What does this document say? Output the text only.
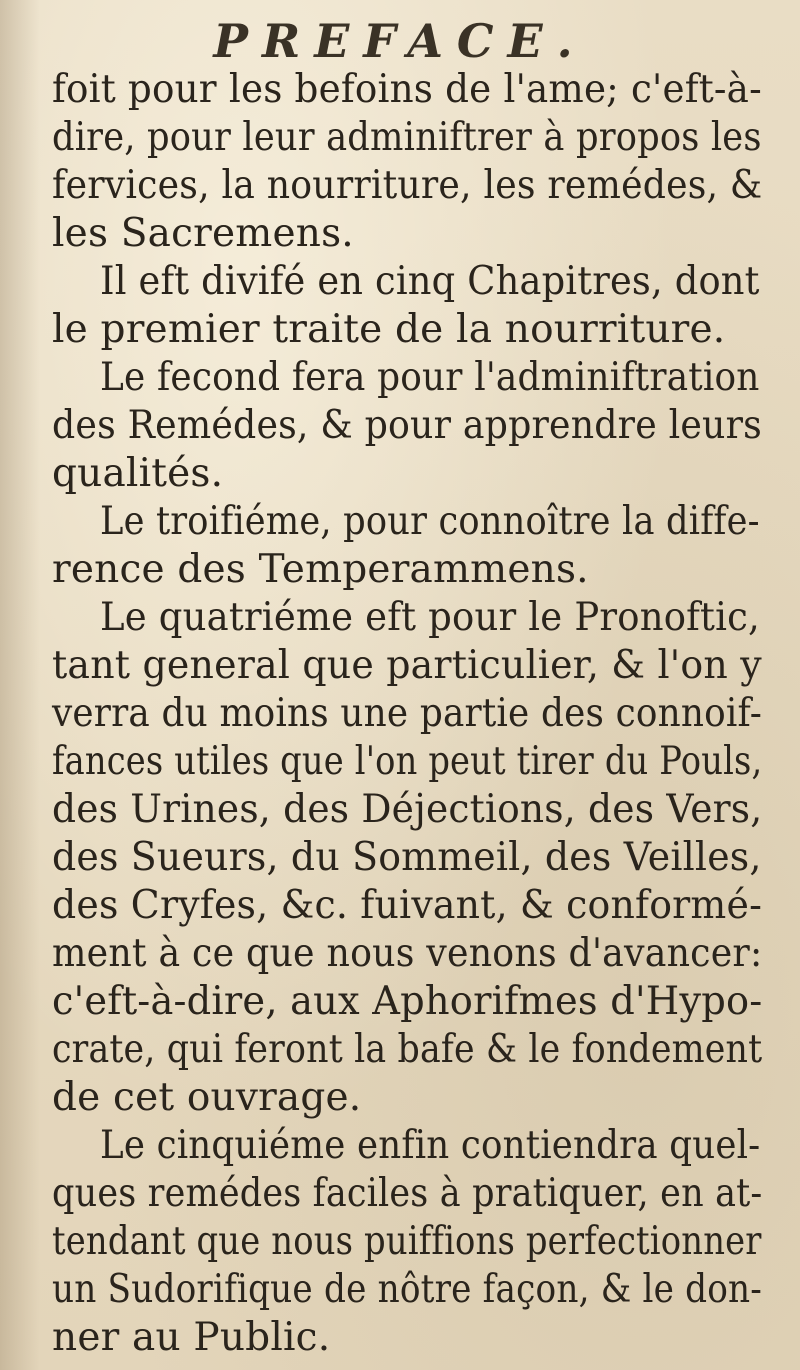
PREFACE.
foit pour les befoins de l'ame; c'eft-à-
dire, pour leur adminiftrer à propos les
fervices, la nourriture, les remédes, &
les Sacremens.
Il eft divifé en cinq Chapitres, dont
le premier traite de la nourriture.
Le fecond fera pour l'adminiftration
des Remédes, & pour apprendre leurs
qualités.
Le troifiéme, pour connoître la diffe-
rence des Temperammens.
Le quatriéme eft pour le Pronoftic,
tant general que particulier, & l'on y
verra du moins une partie des connoif-
fances utiles que l'on peut tirer du Pouls,
des Urines, des Déjections, des Vers,
des Sueurs, du Sommeil, des Veilles,
des Cryfes, &c. fuivant, & conformé-
ment à ce que nous venons d'avancer:
c'eft-à-dire, aux Aphorifmes d'Hypo-
crate, qui feront la bafe & le fondement
de cet ouvrage.
Le cinquiéme enfin contiendra quel-
ques remédes faciles à pratiquer, en at-
tendant que nous puiffions perfectionner
un Sudorifique de nôtre façon, & le don-
ner au Public.
